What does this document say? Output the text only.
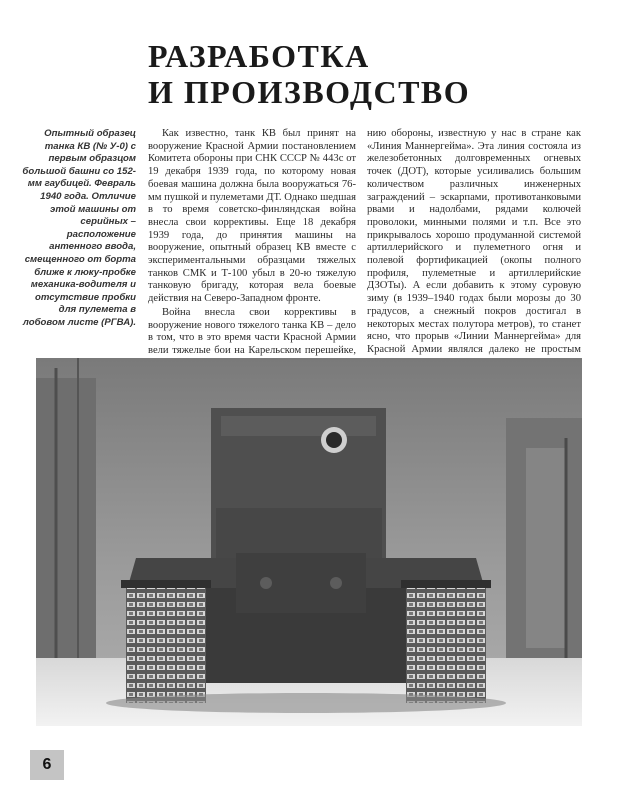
РАЗРАБОТКА
И ПРОИЗВОДСТВО
Опытный образец танка КВ (№ У-0) с первым образцом большой башни со 152-мм гаубицей. Февраль 1940 года. Отличие этой машины от серийных – расположение антенного ввода, смещенного от борта ближе к люку-пробке механика-водителя и отсутствие пробки для пулемета в лобовом листе (РГВА).

Как известно, танк КВ был принят на вооружение Красной Армии постановлением Комитета обороны при СНК СССР № 443с от 19 декабря 1939 года, по которому новая боевая машина должна была вооружаться 76-мм пушкой и пулеметами ДТ. Однако шедшая в то время советско-финляндская война внесла свои коррективы. Еще 18 декабря 1939 года, до принятия машины на вооружение, опытный образец КВ вместе с экспериментальными образцами тяжелых танков СМК и Т-100 убыл в 20-ю тяжелую танковую бригаду, которая вела боевые действия на Северо-Западном фронте.

Война внесла свои коррективы в вооружение нового тяжелого танка КВ – дело в том, что в это время части Красной Армии вели тяжелые бои на Карельском перешейке,

нию обороны, известную у нас в стране как «Линия Маннергейма». Эта линия состояла из железобетонных долговременных огневых точек (ДОТ), которые усиливались большим количеством различных инженерных заграждений – эскарпами, противотанковыми рвами и надолбами, рядами колючей проволоки, минными полями и т.п. Все это прикрывалось хорошо продуманной системой артиллерийского и пулеметного огня и полевой фортификацией (окопы полного профиля, пулеметные и артиллерийские ДЗОТы). А если добавить к этому суровую зиму (в 1939–1940 годах были морозы до 30 градусов, а снежный покров достигал в некоторых местах полутора метров), то станет ясно, что прорыв «Линии Маннергейма» для Красной Армии являлся далеко не простым

6
